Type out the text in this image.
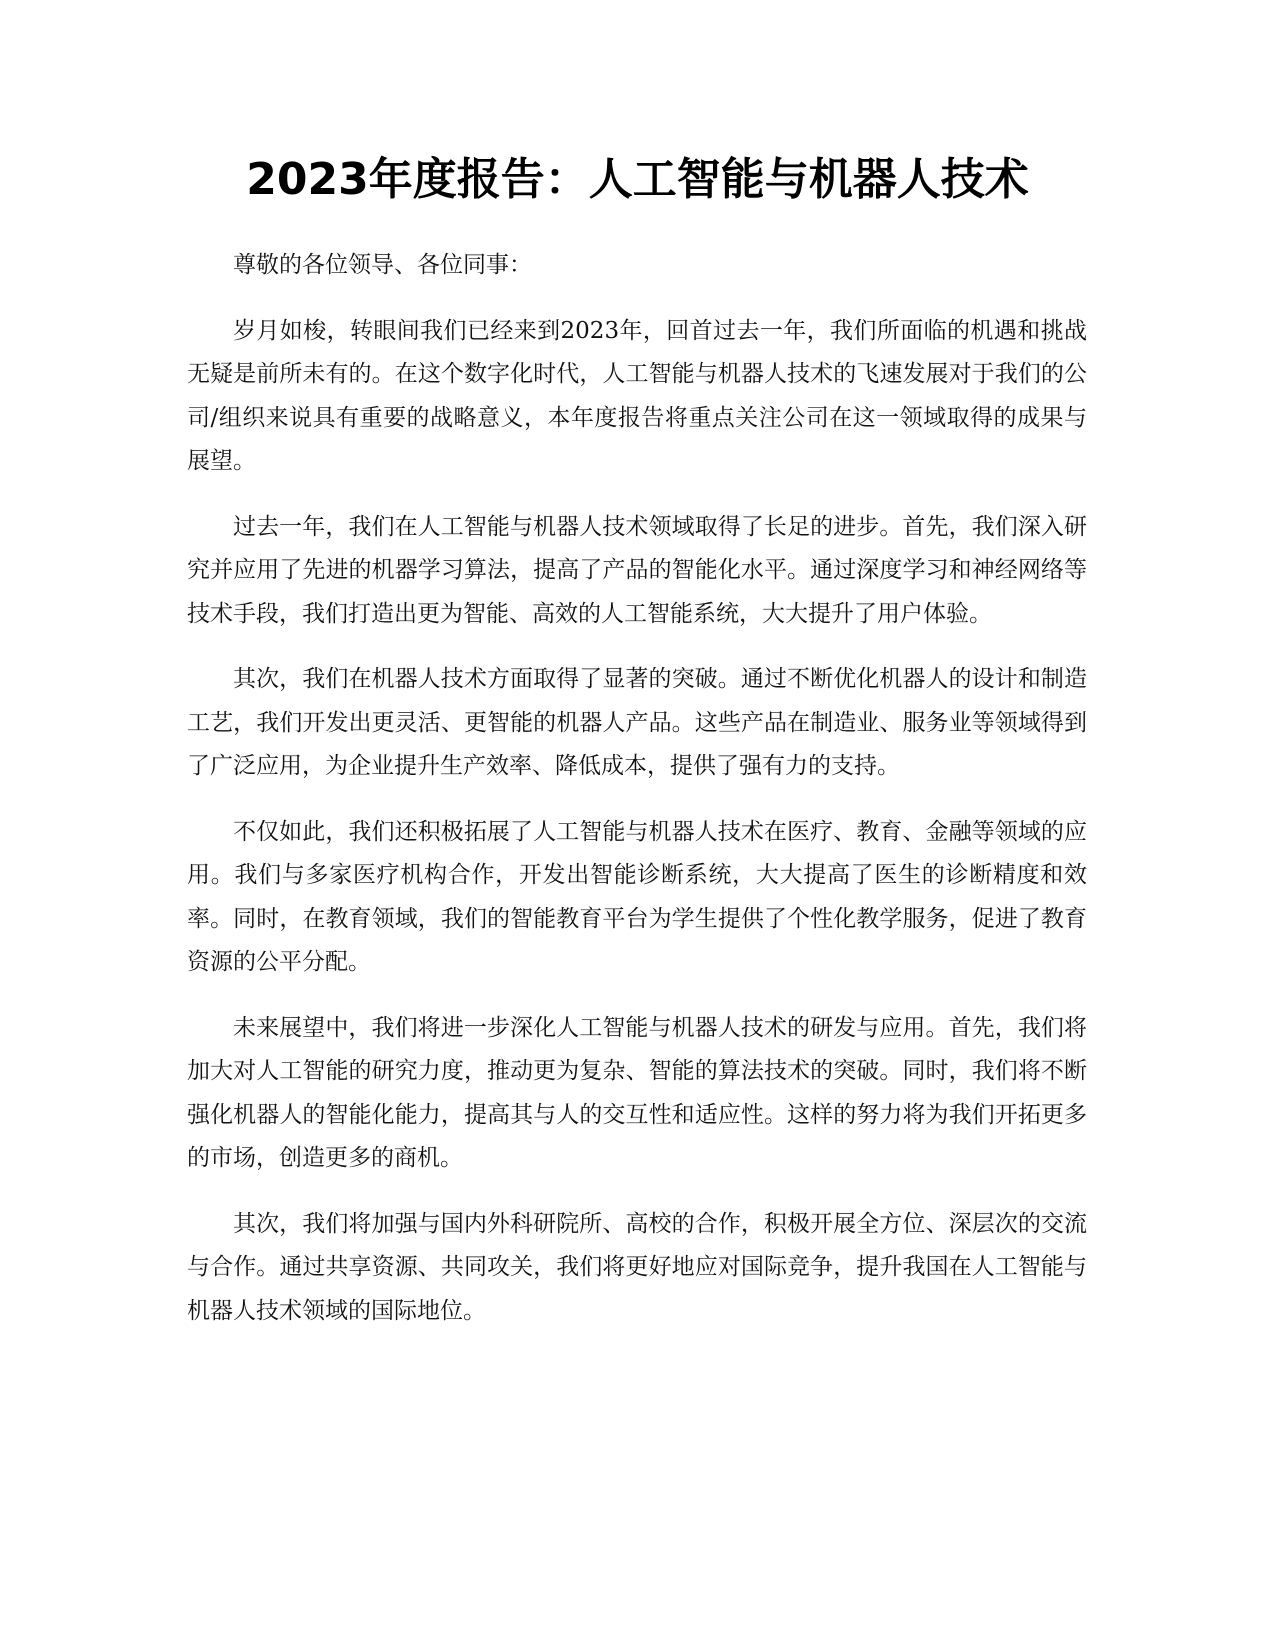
2023年度报告：人工智能与机器人技术

尊敬的各位领导、各位同事：

岁月如梭，转眼间我们已经来到2023年，回首过去一年，我们所面临的机遇和挑战无疑是前所未有的。在这个数字化时代，人工智能与机器人技术的飞速发展对于我们的公司/组织来说具有重要的战略意义，本年度报告将重点关注公司在这一领域取得的成果与展望。

过去一年，我们在人工智能与机器人技术领域取得了长足的进步。首先，我们深入研究并应用了先进的机器学习算法，提高了产品的智能化水平。通过深度学习和神经网络等技术手段，我们打造出更为智能、高效的人工智能系统，大大提升了用户体验。

其次，我们在机器人技术方面取得了显著的突破。通过不断优化机器人的设计和制造工艺，我们开发出更灵活、更智能的机器人产品。这些产品在制造业、服务业等领域得到了广泛应用，为企业提升生产效率、降低成本，提供了强有力的支持。

不仅如此，我们还积极拓展了人工智能与机器人技术在医疗、教育、金融等领域的应用。我们与多家医疗机构合作，开发出智能诊断系统，大大提高了医生的诊断精度和效率。同时，在教育领域，我们的智能教育平台为学生提供了个性化教学服务，促进了教育资源的公平分配。

未来展望中，我们将进一步深化人工智能与机器人技术的研发与应用。首先，我们将加大对人工智能的研究力度，推动更为复杂、智能的算法技术的突破。同时，我们将不断强化机器人的智能化能力，提高其与人的交互性和适应性。这样的努力将为我们开拓更多的市场，创造更多的商机。

其次，我们将加强与国内外科研院所、高校的合作，积极开展全方位、深层次的交流与合作。通过共享资源、共同攻关，我们将更好地应对国际竞争，提升我国在人工智能与机器人技术领域的国际地位。
